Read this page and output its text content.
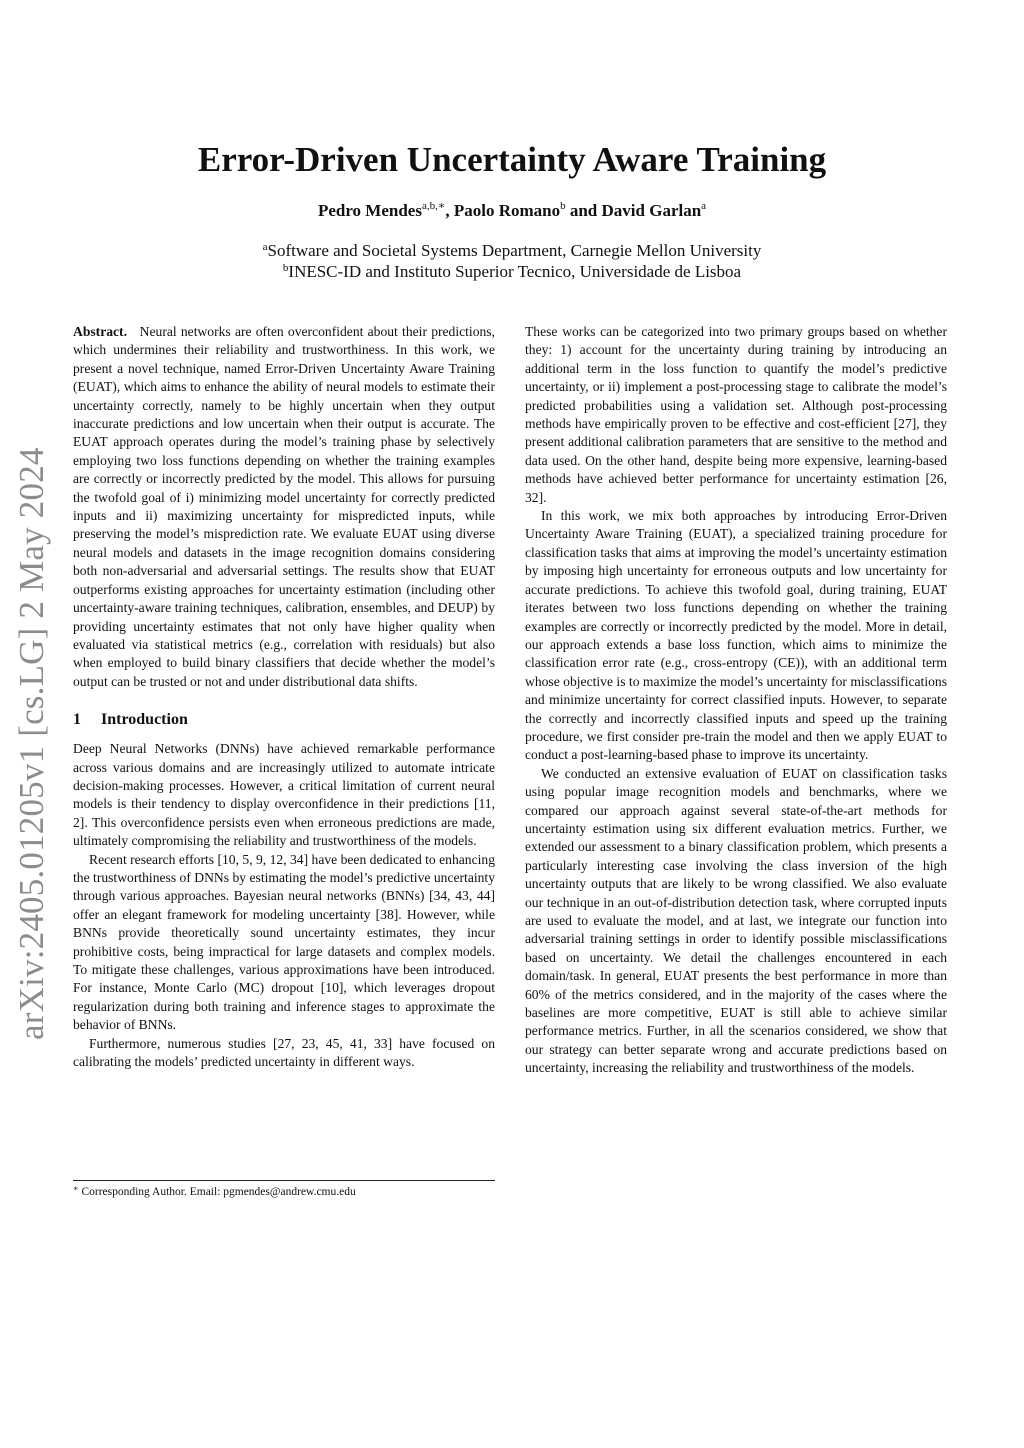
arXiv:2405.01205v1 [cs.LG] 2 May 2024
Error-Driven Uncertainty Aware Training
Pedro Mendes$^{a,b,∗}$, Paolo Romano$^b$ and David Garlan$^a$
$^a$Software and Societal Systems Department, Carnegie Mellon University
$^b$INESC-ID and Instituto Superior Tecnico, Universidade de Lisboa

Abstract. Neural networks are often overconfident about their predictions, which undermines their reliability and trustworthiness. In this work, we present a novel technique, named Error-Driven Uncertainty Aware Training (EUAT), which aims to enhance the ability of neural models to estimate their uncertainty correctly, namely to be highly uncertain when they output inaccurate predictions and low uncertain when their output is accurate. The EUAT approach operates during the model’s training phase by selectively employing two loss functions depending on whether the training examples are correctly or incorrectly predicted by the model. This allows for pursuing the twofold goal of i) minimizing model uncertainty for correctly predicted inputs and ii) maximizing uncertainty for mispredicted inputs, while preserving the model’s misprediction rate. We evaluate EUAT using diverse neural models and datasets in the image recognition domains considering both non-adversarial and adversarial settings. The results show that EUAT outperforms existing approaches for uncertainty estimation (including other uncertainty-aware training techniques, calibration, ensembles, and DEUP) by providing uncertainty estimates that not only have higher quality when evaluated via statistical metrics (e.g., correlation with residuals) but also when employed to build binary classifiers that decide whether the model’s output can be trusted or not and under distributional data shifts.

1 Introduction

Deep Neural Networks (DNNs) have achieved remarkable performance across various domains and are increasingly utilized to automate intricate decision-making processes. However, a critical limitation of current neural models is their tendency to display overconfidence in their predictions [11, 2]. This overconfidence persists even when erroneous predictions are made, ultimately compromising the reliability and trustworthiness of the models.

Recent research efforts [10, 5, 9, 12, 34] have been dedicated to enhancing the trustworthiness of DNNs by estimating the model’s predictive uncertainty through various approaches. Bayesian neural networks (BNNs) [34, 43, 44] offer an elegant framework for modeling uncertainty [38]. However, while BNNs provide theoretically sound uncertainty estimates, they incur prohibitive costs, being impractical for large datasets and complex models. To mitigate these challenges, various approximations have been introduced. For instance, Monte Carlo (MC) dropout [10], which leverages dropout regularization during both training and inference stages to approximate the behavior of BNNs.

Furthermore, numerous studies [27, 23, 45, 41, 33] have focused on calibrating the models’ predicted uncertainty in different ways.

∗ Corresponding Author. Email: pgmendes@andrew.cmu.edu

These works can be categorized into two primary groups based on whether they: 1) account for the uncertainty during training by introducing an additional term in the loss function to quantify the model’s predictive uncertainty, or ii) implement a post-processing stage to calibrate the model’s predicted probabilities using a validation set. Although post-processing methods have empirically proven to be effective and cost-efficient [27], they present additional calibration parameters that are sensitive to the method and data used. On the other hand, despite being more expensive, learning-based methods have achieved better performance for uncertainty estimation [26, 32].

In this work, we mix both approaches by introducing Error-Driven Uncertainty Aware Training (EUAT), a specialized training procedure for classification tasks that aims at improving the model’s uncertainty estimation by imposing high uncertainty for erroneous outputs and low uncertainty for accurate predictions. To achieve this twofold goal, during training, EUAT iterates between two loss functions depending on whether the training examples are correctly or incorrectly predicted by the model. More in detail, our approach extends a base loss function, which aims to minimize the classification error rate (e.g., cross-entropy (CE)), with an additional term whose objective is to maximize the model’s uncertainty for misclassifications and minimize uncertainty for correct classified inputs. However, to separate the correctly and incorrectly classified inputs and speed up the training procedure, we first consider pre-train the model and then we apply EUAT to conduct a post-learning-based phase to improve its uncertainty.

We conducted an extensive evaluation of EUAT on classification tasks using popular image recognition models and benchmarks, where we compared our approach against several state-of-the-art methods for uncertainty estimation using six different evaluation metrics. Further, we extended our assessment to a binary classification problem, which presents a particularly interesting case involving the class inversion of the high uncertainty outputs that are likely to be wrong classified. We also evaluate our technique in an out-of-distribution detection task, where corrupted inputs are used to evaluate the model, and at last, we integrate our function into adversarial training settings in order to identify possible misclassifications based on uncertainty. We detail the challenges encountered in each domain/task. In general, EUAT presents the best performance in more than 60% of the metrics considered, and in the majority of the cases where the baselines are more competitive, EUAT is still able to achieve similar performance metrics. Further, in all the scenarios considered, we show that our strategy can better separate wrong and accurate predictions based on uncertainty, increasing the reliability and trustworthiness of the models.
